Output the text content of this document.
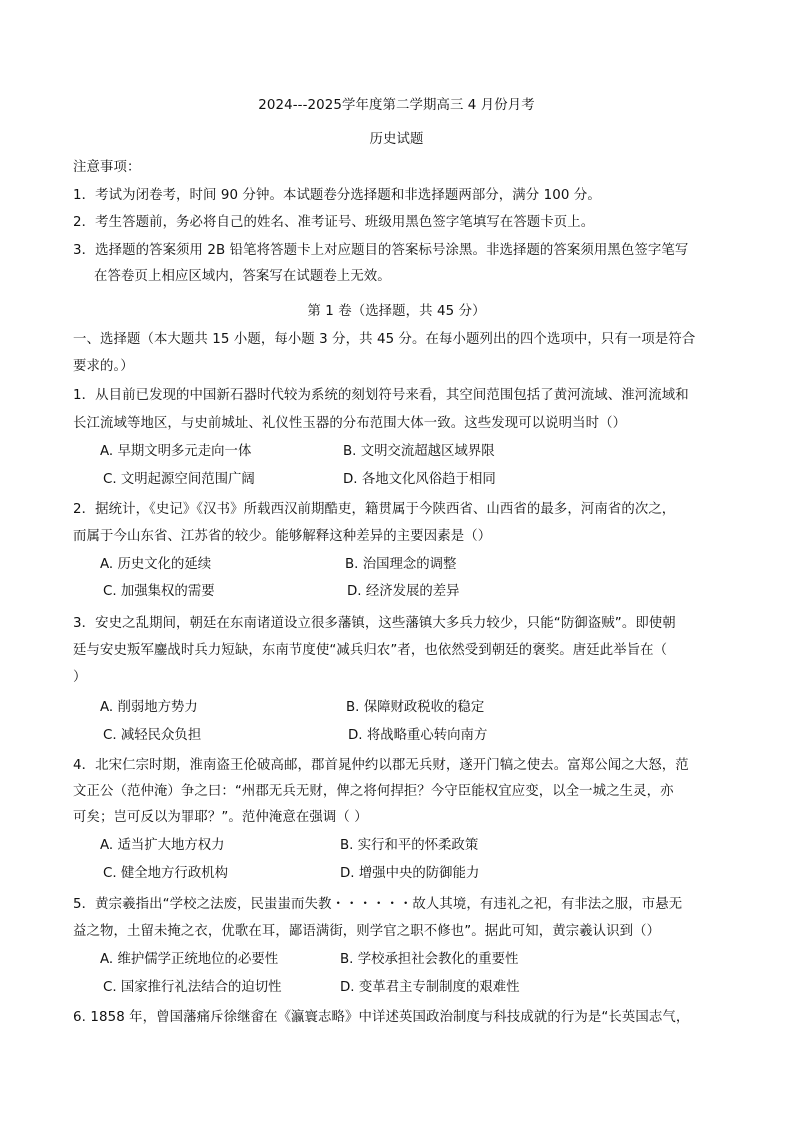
2024---2025学年度第二学期高三 4 月份月考
历史试题
注意事项：
1．考试为闭卷考，时间 90 分钟。本试题卷分选择题和非选择题两部分，满分 100 分。
2．考生答题前，务必将自己的姓名、准考证号、班级用黑色签字笔填写在答题卡页上。
3．选择题的答案须用 2B 铅笔将答题卡上对应题目的答案标号涂黑。非选择题的答案须用黑色签字笔写
在答卷页上相应区域内，答案写在试题卷上无效。
第 1 卷（选择题，共 45 分）
一、选择题（本大题共 15 小题，每小题 3 分，共 45 分。在每小题列出的四个选项中，只有一项是符合
要求的。）
1．从目前已发现的中国新石器时代较为系统的刻划符号来看，其空间范围包括了黄河流域、淮河流域和
长江流域等地区，与史前城址、礼仪性玉器的分布范围大体一致。这些发现可以说明当时（）
A. 早期文明多元走向一体	B. 文明交流超越区域界限
C. 文明起源空间范围广阔	D. 各地文化风俗趋于相同
2．据统计，《史记》《汉书》所载西汉前期酷吏，籍贯属于今陕西省、山西省的最多，河南省的次之，
而属于今山东省、江苏省的较少。能够解释这种差异的主要因素是（）
A. 历史文化的延续	B. 治国理念的调整
C. 加强集权的需要	D. 经济发展的差异
3．安史之乱期间，朝廷在东南诸道设立很多藩镇，这些藩镇大多兵力较少，只能“防御盗贼”。即使朝
廷与安史叛军鏖战时兵力短缺，东南节度使“减兵归农”者，也依然受到朝廷的褒奖。唐廷此举旨在（
）
A. 削弱地方势力	B. 保障财政税收的稳定
C. 减轻民众负担	D. 将战略重心转向南方
4．北宋仁宗时期，淮南盗王伦破高邮，郡首晁仲约以郡无兵财，遂开门犒之使去。富郑公闻之大怒，范
文正公（范仲淹）争之曰：“州郡无兵无财，俾之将何捍拒？今守臣能权宜应变，以全一城之生灵，亦
可矣；岂可反以为罪耶？”。范仲淹意在强调（ ）
A. 适当扩大地方权力	B. 实行和平的怀柔政策
C. 健全地方行政机构	D. 增强中央的防御能力
5．黄宗羲指出“学校之法废，民蚩蚩而失教・・・・・・故人其境，有违礼之祀，有非法之服，市悬无
益之物，土留未掩之衣，优歌在耳，鄙语满街，则学官之职不修也”。据此可知，黄宗羲认识到（）
A. 维护儒学正统地位的必要性	B. 学校承担社会教化的重要性
C. 国家推行礼法结合的迫切性	D. 变革君主专制制度的艰难性
6. 1858 年，曾国藩痛斥徐继畲在《瀛寰志略》中详述英国政治制度与科技成就的行为是“长英国志气，
